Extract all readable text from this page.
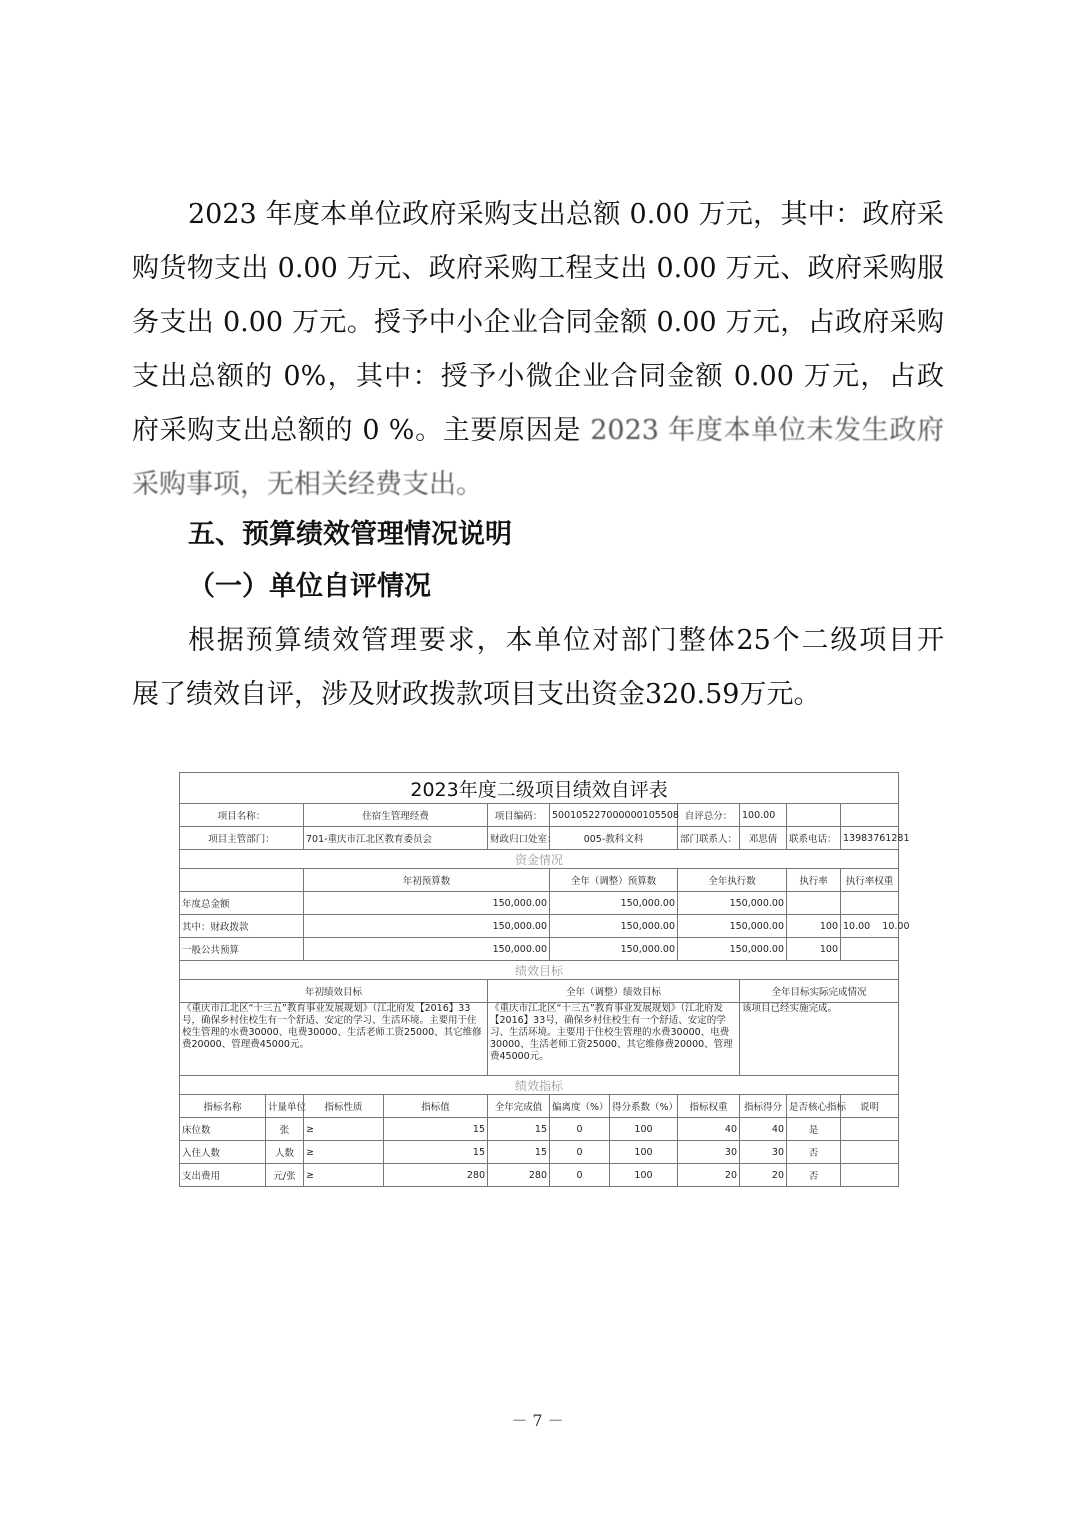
2023 年度本单位政府采购支出总额 0.00 万元，其中：政府采
购货物支出 0.00 万元、政府采购工程支出 0.00 万元、政府采购服
务支出 0.00 万元。授予中小企业合同金额 0.00 万元，占政府采购
支出总额的 0%，其中：授予小微企业合同金额 0.00 万元，占政
府采购支出总额的 0 %。主要原因是 2023 年度本单位未发生政府
采购事项，无相关经费支出。
五、预算绩效管理情况说明
（一）单位自评情况
根据预算绩效管理要求，本单位对部门整体25个二级项目开
展了绩效自评，涉及财政拨款项目支出资金320.59万元。
2023年度二级项目绩效自评表											
项目名称：		住宿生管理经费		项目编码：	500105227000000105508		自评总分：	100.00			
项目主管部门：		701-重庆市江北区教育委员会		财政归口处室：	005-教科文科		部门联系人：	邓思倩	联系电话：	13983761281	
资金情况											
		年初预算数			全年（调整）预算数		全年执行数		执行率	执行率权重	
年度总金额		150,000.00			150,000.00		150,000.00				
其中：财政拨款		150,000.00			150,000.00		150,000.00		100	10.00 10.00	
一般公共预算		150,000.00			150,000.00		150,000.00		100		
绩效目标											
年初绩效目标				全年（调整）绩效目标				全年目标实际完成情况			
《重庆市江北区“十三五”教育事业发展规划》（江北府发【2016】33号，确保乡村住校生有一个舒适、安定的学习、生活环境。主要用于住校生管理的水费30000、电费30000、生活老师工资25000、其它维修费20000、管理费45000元。				《重庆市江北区“十三五”教育事业发展规划》（江北府发【2016】33号，确保乡村住校生有一个舒适、安定的学习、生活环境。主要用于住校生管理的水费30000、电费30000、生活老师工资25000、其它维修费20000、管理费45000元。				该项目已经实施完成。			
绩效指标											
指标名称	计量单位	指标性质	指标值	全年完成值	偏离度（%）	得分系数（%）	指标权重	指标得分	是否核心指标	说明	
床位数	张	≥	15	15	0	100	40	40	是		
入住人数	人数	≥	15	15	0	100	30	30	否		
支出费用	元/张	≥	280	280	0	100	20	20	否		
－ 7 －
